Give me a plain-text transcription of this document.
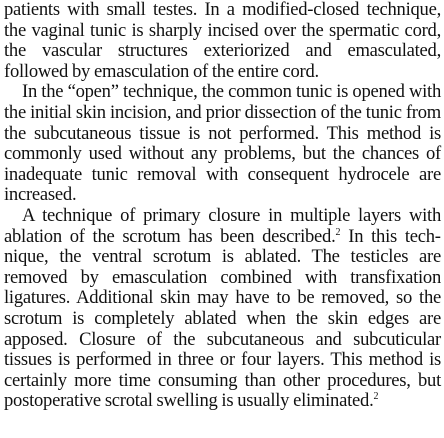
patients with small testes. In a modified-closed technique, the vaginal tunic is sharply incised over the spermatic cord, the vascular structures exteriorized and emasculated, followed by emasculation of the entire cord.

In the “open” technique, the common tunic is opened with the initial skin incision, and prior dissection of the tunic from the subcutaneous tissue is not performed. This method is commonly used without any problems, but the chances of inadequate tunic removal with consequent hydrocele are increased.

A technique of primary closure in multiple layers with ablation of the scrotum has been described.$^2$ In this technique, the ventral scrotum is ablated. The testicles are removed by emasculation combined with transfixation ligatures. Additional skin may have to be removed, so the scrotum is completely ablated when the skin edges are apposed. Closure of the subcutaneous and subcuticular tissues is performed in three or four layers. This method is certainly more time consuming than other procedures, but postoperative scrotal swelling is usually eliminated.$^2$
